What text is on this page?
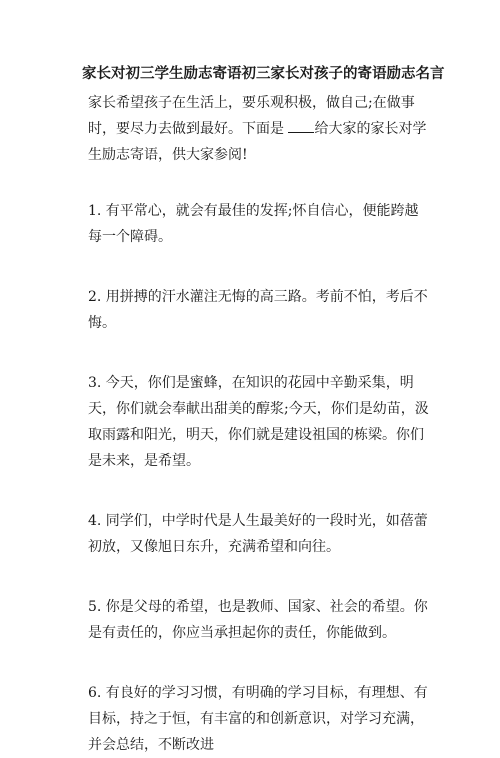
家长对初三学生励志寄语初三家长对孩子的寄语励志名言

家长希望孩子在生活上，要乐观积极，做自己;在做事时，要尽力去做到最好。下面是 给大家的家长对学生励志寄语，供大家参阅!

1. 有平常心，就会有最佳的发挥;怀自信心，便能跨越每一个障碍。

2. 用拼搏的汗水灌注无悔的高三路。考前不怕，考后不悔。

3. 今天，你们是蜜蜂，在知识的花园中辛勤采集，明天，你们就会奉献出甜美的醇浆;今天，你们是幼苗，汲取雨露和阳光，明天，你们就是建设祖国的栋梁。你们是未来，是希望。

4. 同学们，中学时代是人生最美好的一段时光，如蓓蕾初放，又像旭日东升，充满希望和向往。

5. 你是父母的希望，也是教师、国家、社会的希望。你是有责任的，你应当承担起你的责任，你能做到。

6. 有良好的学习习惯，有明确的学习目标，有理想、有目标，持之于恒，有丰富的和创新意识，对学习充满，并会总结，不断改进
